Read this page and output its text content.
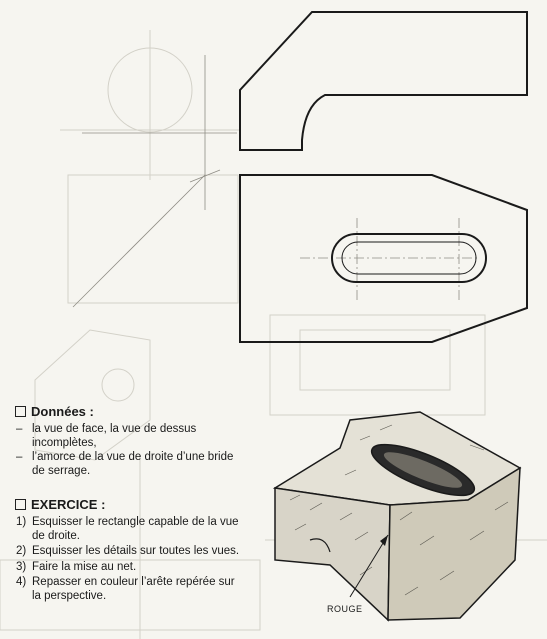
Données :
– la vue de face, la vue de dessus incomplètes,
– l’amorce de la vue de droite d’une bride de serrage.
EXERCICE :
1) Esquisser le rectangle capable de la vue de droite.
2) Esquisser les détails sur toutes les vues.
3) Faire la mise au net.
4) Repasser en couleur l’arête repérée sur la perspective.
ROUGE
